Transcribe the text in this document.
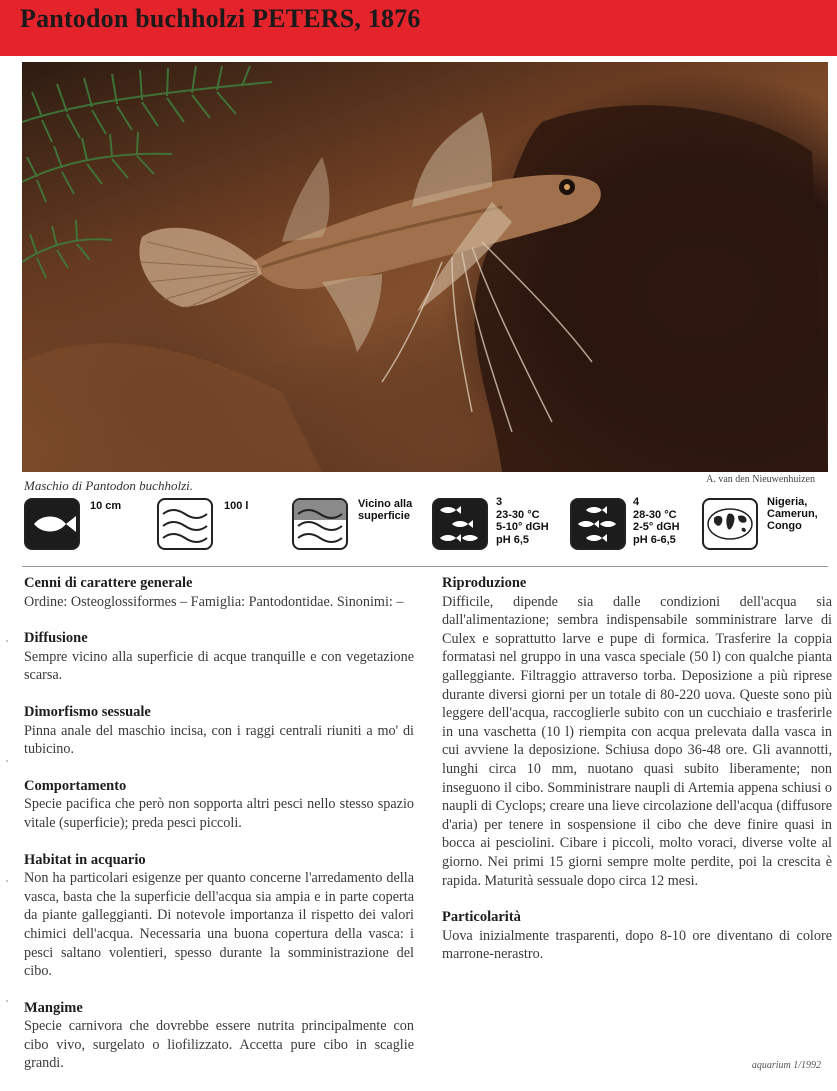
Pantodon buchholzi PETERS, 1876
Maschio di Pantodon buchholzi.	A. van den Nieuwenhuizen
10 cm	100 l	Vicino alla superficie
3
23-30 °C
5-10° dGH
pH 6,5
4
28-30 °C
2-5° dGH
pH 6-6,5
Nigeria, Camerun, Congo
Cenni di carattere generale

Ordine: Osteoglossiformes – Famiglia: Pantodontidae. Sinonimi: –

Diffusione

Sempre vicino alla superficie di acque tranquille e con vegetazione scarsa.

Dimorfismo sessuale

Pinna anale del maschio incisa, con i raggi centrali riuniti a mo' di tubicino.

Comportamento

Specie pacifica che però non sopporta altri pesci nello stesso spazio vitale (superficie); preda pesci piccoli.

Habitat in acquario

Non ha particolari esigenze per quanto concerne l'arredamento della vasca, basta che la superficie dell'acqua sia ampia e in parte coperta da piante galleggianti. Di notevole importanza il rispetto dei valori chimici dell'acqua. Necessaria una buona copertura della vasca: i pesci saltano volentieri, spesso durante la somministrazione del cibo.

Mangime

Specie carnivora che dovrebbe essere nutrita principalmente con cibo vivo, surgelato o liofilizzato. Accetta pure cibo in scaglie grandi.

Riproduzione

Difficile, dipende sia dalle condizioni dell'acqua sia dall'alimentazione; sembra indispensabile somministrare larve di Culex e soprattutto larve e pupe di formica. Trasferire la coppia formatasi nel gruppo in una vasca speciale (50 l) con qualche pianta galleggiante. Filtraggio attraverso torba. Deposizione a più riprese durante diversi giorni per un totale di 80-220 uova. Queste sono più leggere dell'acqua, raccoglierle subito con un cucchiaio e trasferirle in una vaschetta (10 l) riempita con acqua prelevata dalla vasca in cui avviene la deposizione. Schiusa dopo 36-48 ore. Gli avannotti, lunghi circa 10 mm, nuotano quasi subito liberamente; non inseguono il cibo. Somministrare naupli di Artemia appena schiusi o naupli di Cyclops; creare una lieve circolazione dell'acqua (diffusore d'aria) per tenere in sospensione il cibo che deve finire quasi in bocca ai pesciolini. Cibare i piccoli, molto voraci, diverse volte al giorno. Nei primi 15 giorni sempre molte perdite, poi la crescita è rapida. Maturità sessuale dopo circa 12 mesi.

Particolarità

Uova inizialmente trasparenti, dopo 8-10 ore diventano di colore marrone-nerastro.

aquarium 1/1992
